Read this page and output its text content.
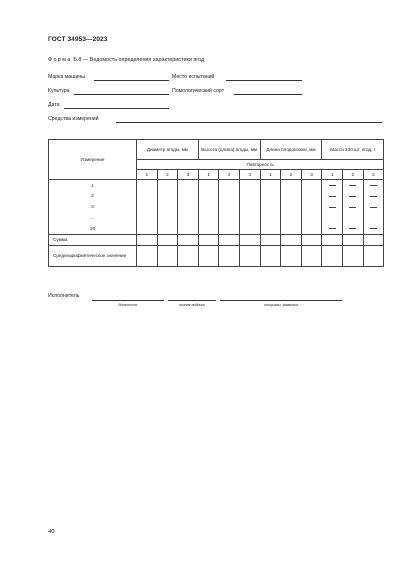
ГОСТ 34953—2023
Форма Б.8 — Ведомость определения характеристики ягод
Марка машины	Место испытаний
Культура	Помологический сорт
Дата
Средства измерений
Измерение	Диаметр ягоды, мм			Высота (длина) ягоды, мм			Длина плодоножки, мм			Масса 100 шт. ягод, г		
	Повторность											
	1	2	3	1	2	3	1	2	3	1	2	3
1												
2												
3												
...												
20												
Сумма												
Среднеарифметическое значение												
Исполнитель
должность	личная подпись	инициалы, фамилия
40
